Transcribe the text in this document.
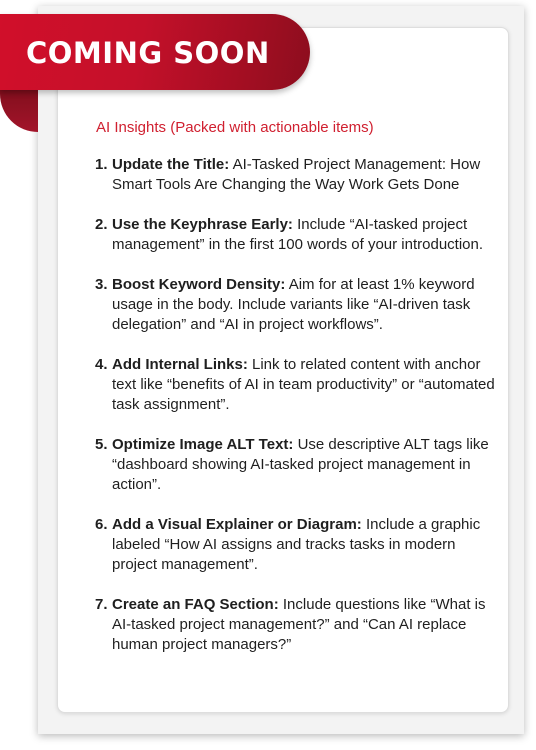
COMING SOON
AI Insights (Packed with actionable items)
1. Update the Title: AI-Tasked Project Management: How Smart Tools Are Changing the Way Work Gets Done
2. Use the Keyphrase Early: Include “AI-tasked project management” in the first 100 words of your introduction.
3. Boost Keyword Density: Aim for at least 1% keyword usage in the body. Include variants like “AI-driven task delegation” and “AI in project workflows”.
4. Add Internal Links: Link to related content with anchor text like “benefits of AI in team productivity” or “automated task assignment”.
5. Optimize Image ALT Text: Use descriptive ALT tags like “dashboard showing AI-tasked project management in action”.
6. Add a Visual Explainer or Diagram: Include a graphic labeled “How AI assigns and tracks tasks in modern project management”.
7. Create an FAQ Section: Include questions like “What is AI-tasked project management?” and “Can AI replace human project managers?”
